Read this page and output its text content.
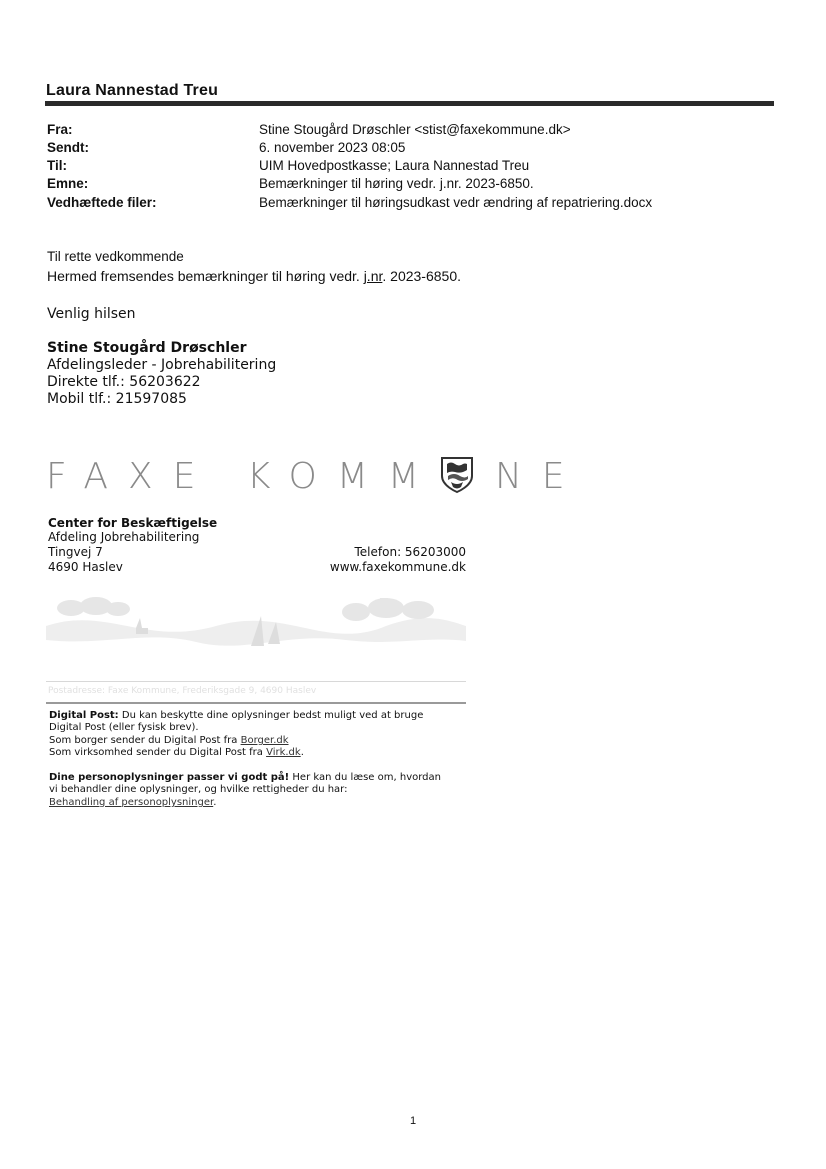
Laura Nannestad Treu
Fra:	Stine Stougård Drøschler <stist@faxekommune.dk>
Sendt:	6. november 2023 08:05
Til:	UIM Hovedpostkasse; Laura Nannestad Treu
Emne:	Bemærkninger til høring vedr. j.nr. 2023-6850.
Vedhæftede filer:	Bemærkninger til høringsudkast vedr ændring af repatriering.docx
Til rette vedkommende
Hermed fremsendes bemærkninger til høring vedr. j.nr. 2023-6850.
Venlig hilsen
Stine Stougård Drøschler
Afdelingsleder - Jobrehabilitering
Direkte tlf.: 56203622
Mobil tlf.: 21597085
FAXE KOMM NE
Center for Beskæftigelse
Afdeling Jobrehabilitering
Tingvej 7
4690 Haslev
Telefon: 56203000
www.faxekommune.dk
Postadresse: Faxe Kommune, Frederiksgade 9, 4690 Haslev
Digital Post: Du kan beskytte dine oplysninger bedst muligt ved at bruge
Digital Post (eller fysisk brev).
Som borger sender du Digital Post fra Borger.dk
Som virksomhed sender du Digital Post fra Virk.dk.
Dine personoplysninger passer vi godt på! Her kan du læse om, hvordan
vi behandler dine oplysninger, og hvilke rettigheder du har:
Behandling af personoplysninger.
1
